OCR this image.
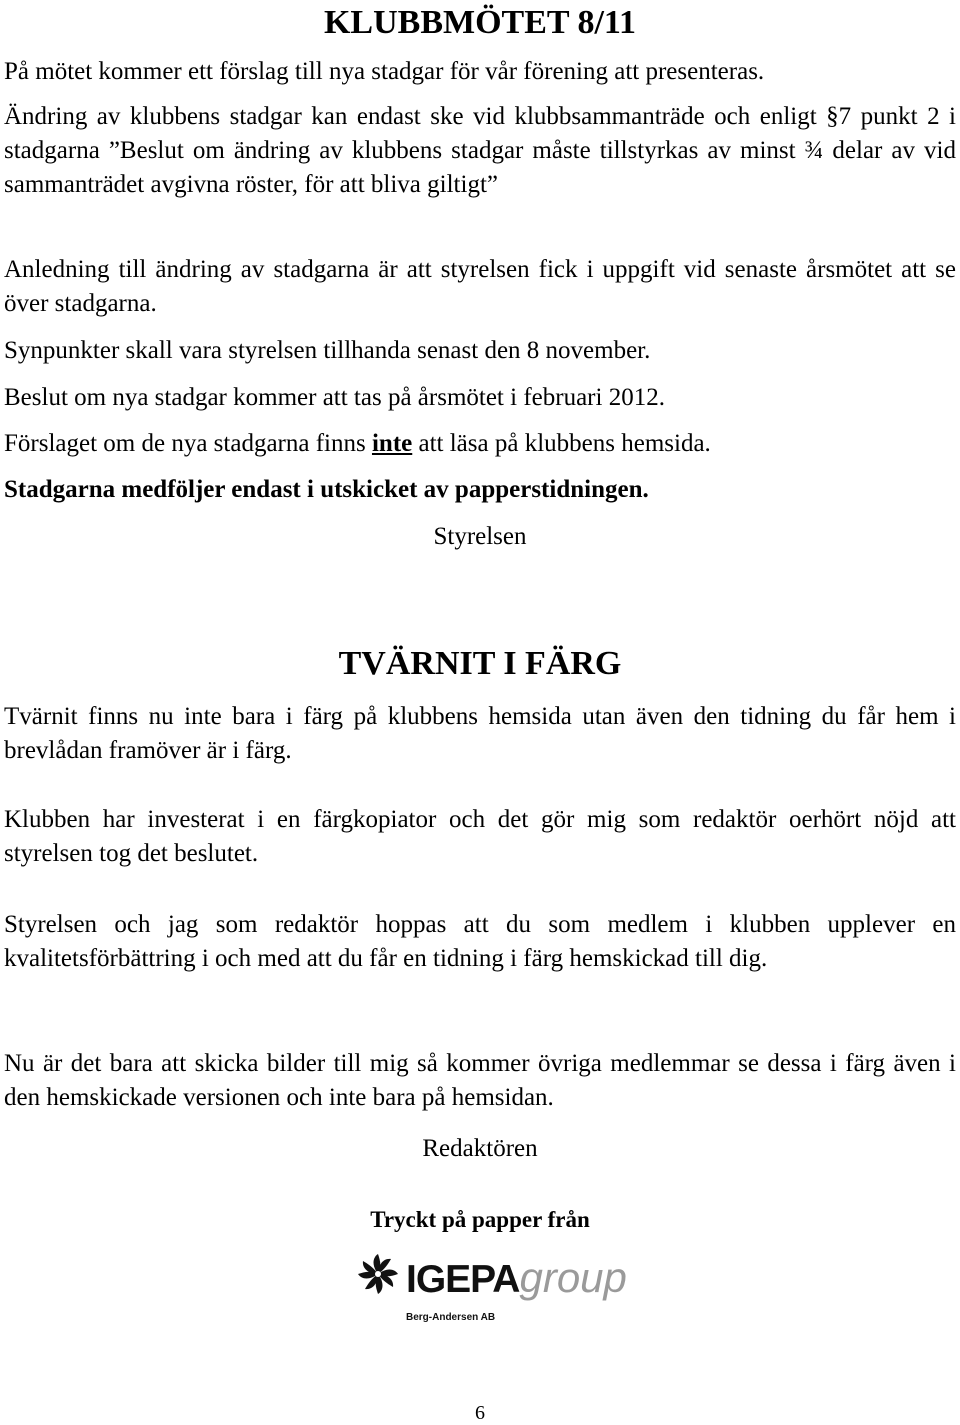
KLUBBMÖTET 8/11

På mötet kommer ett förslag till nya stadgar för vår förening att presenteras.

Ändring av klubbens stadgar kan endast ske vid klubbsammanträde och enligt §7 punkt 2 i stadgarna ”Beslut om ändring av klubbens stadgar måste tillstyrkas av minst ¾ delar av vid sammanträdet avgivna röster, för att bliva giltigt”

Anledning till ändring av stadgarna är att styrelsen fick i uppgift vid senaste årsmötet att se över stadgarna.

Synpunkter skall vara styrelsen tillhanda senast den 8 november.

Beslut om nya stadgar kommer att tas på årsmötet i februari 2012.

Förslaget om de nya stadgarna finns inte att läsa på klubbens hemsida.

Stadgarna medföljer endast i utskicket av papperstidningen.

Styrelsen

TVÄRNIT I FÄRG

Tvärnit finns nu inte bara i färg på klubbens hemsida utan även den tidning du får hem i brevlådan framöver är i färg.

Klubben har investerat i en färgkopiator och det gör mig som redaktör oerhört nöjd att styrelsen tog det beslutet.

Styrelsen och jag som redaktör hoppas att du som medlem i klubben upplever en kvalitetsförbättring i och med att du får en tidning i färg hemskickad till dig.

Nu är det bara att skicka bilder till mig så kommer övriga medlemmar se dessa i färg även i den hemskickade versionen och inte bara på hemsidan.

Redaktören

Tryckt på papper från

IGEPAgroup
Berg-Andersen AB

6
